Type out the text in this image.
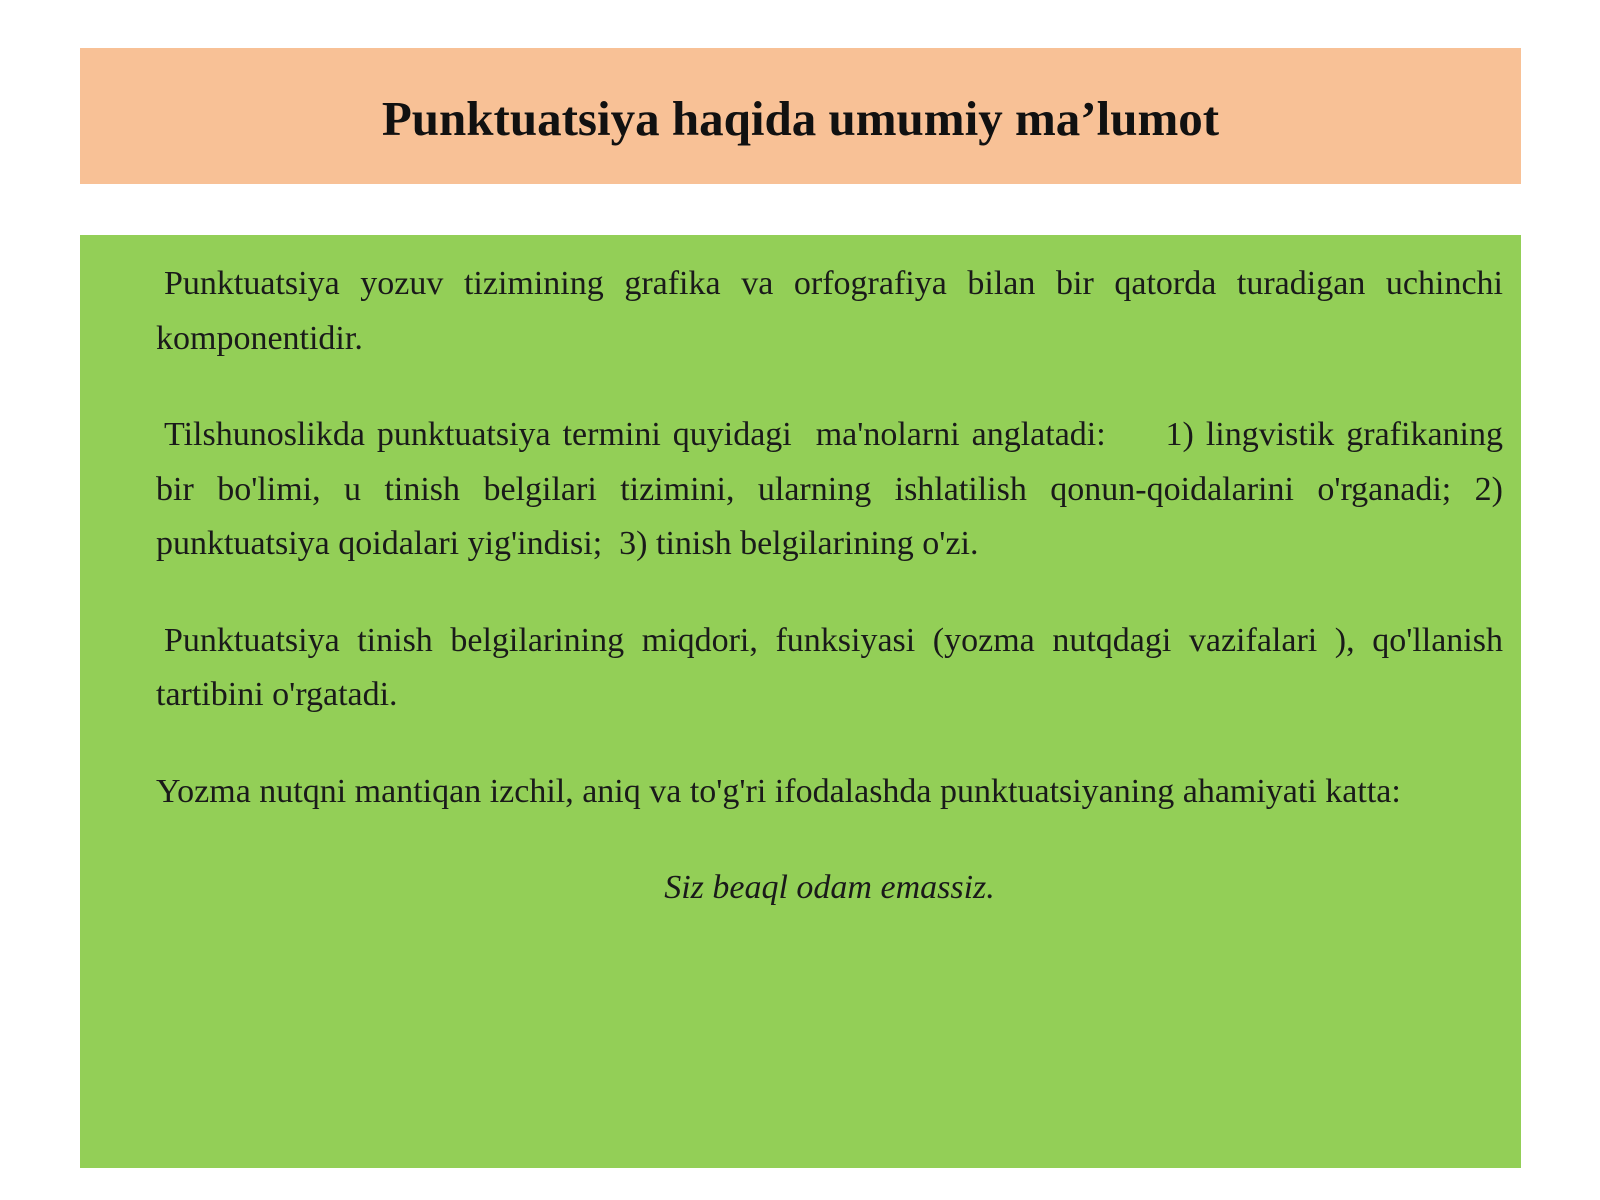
Punktuatsiya haqida umumiy ma’lumot

Punktuatsiya yozuv tizimining grafika va orfografiya bilan bir qatorda turadigan uchinchi komponentidir.

Tilshunoslikda punktuatsiya termini quyidagi  ma'nolarni anglatadi:     1) lingvistik grafikaning bir bo'limi, u tinish belgilari tizimini, ularning ishlatilish qonun-qoidalarini o'rganadi; 2) punktuatsiya qoidalari yig'indisi;  3) tinish belgilarining o'zi.

Punktuatsiya tinish belgilarining miqdori, funksiyasi (yozma nutqdagi vazifalari ), qo'llanish tartibini o'rgatadi.

Yozma nutqni mantiqan izchil, aniq va to'g'ri ifodalashda punktuatsiyaning ahamiyati katta:

Siz beaql odam emassiz.
